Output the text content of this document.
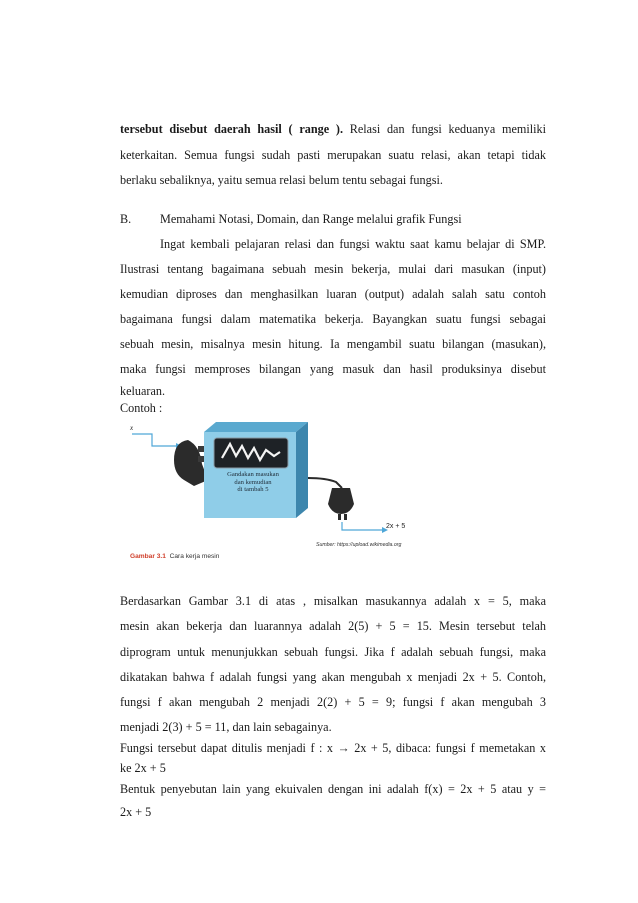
tersebut disebut daerah hasil ( range ). Relasi dan fungsi keduanya memiliki
keterkaitan. Semua fungsi sudah pasti merupakan suatu relasi, akan tetapi tidak
berlaku sebaliknya, yaitu semua relasi belum tentu sebagai fungsi.
B. Memahami Notasi, Domain, dan Range melalui grafik Fungsi
Ingat kembali pelajaran relasi dan fungsi waktu saat kamu belajar di SMP.
Ilustrasi tentang bagaimana sebuah mesin bekerja, mulai dari masukan (input)
kemudian diproses dan menghasilkan luaran (output) adalah salah satu contoh
bagaimana fungsi dalam matematika bekerja. Bayangkan suatu fungsi sebagai
sebuah mesin, misalnya mesin hitung. Ia mengambil suatu bilangan (masukan),
maka fungsi memproses bilangan yang masuk dan hasil produksinya disebut
keluaran.
Contoh :
x
Gandakan masukan
dan kemudian
di tambah 5
2x + 5
Sumber: https://upload.wikimedia.org
Gambar 3.1 Cara kerja mesin
Berdasarkan Gambar 3.1 di atas , misalkan masukannya adalah x = 5, maka
mesin akan bekerja dan luarannya adalah 2(5) + 5 = 15. Mesin tersebut telah
diprogram untuk menunjukkan sebuah fungsi. Jika f adalah sebuah fungsi, maka
dikatakan bahwa f adalah fungsi yang akan mengubah x menjadi 2x + 5. Contoh,
fungsi f akan mengubah 2 menjadi 2(2) + 5 = 9; fungsi f akan mengubah 3
menjadi 2(3) + 5 = 11, dan lain sebagainya.
Fungsi tersebut dapat ditulis menjadi f : x → 2x + 5, dibaca: fungsi f memetakan x
ke 2x + 5
Bentuk penyebutan lain yang ekuivalen dengan ini adalah f(x) = 2x + 5 atau y =
2x + 5
